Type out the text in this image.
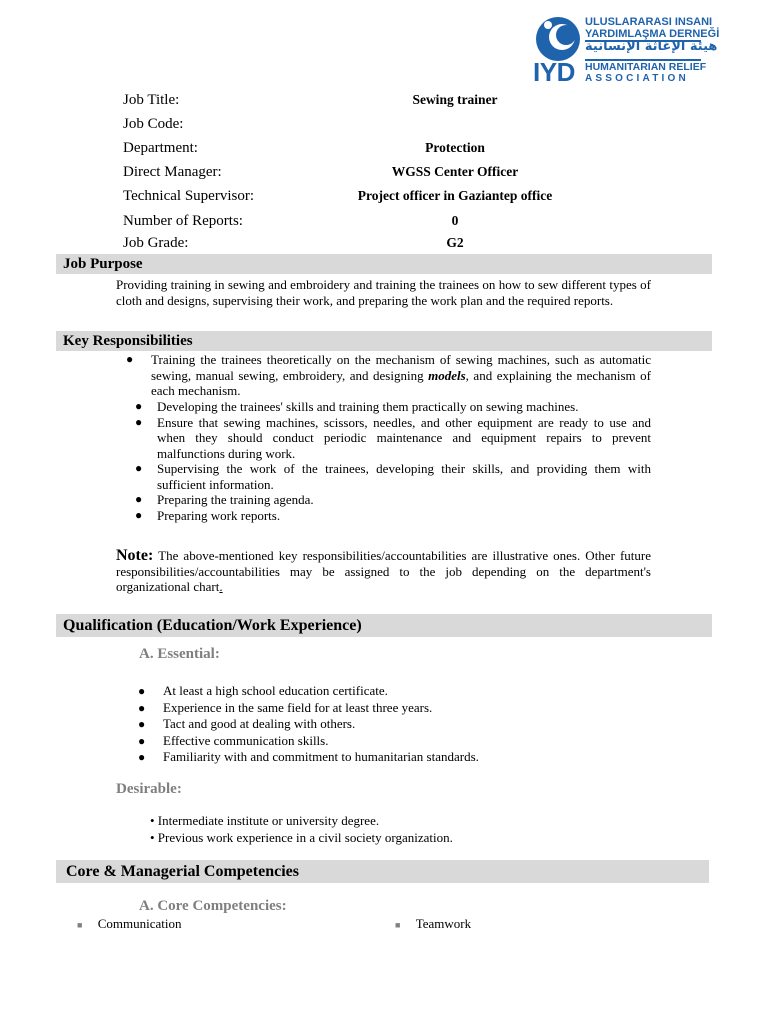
IYD
ULUSLARARASI INSANI
YARDIMLAŞMA DERNEĞİ
هيئة الإغاثة الإنسانية
HUMANITARIAN RELIEF
ASSOCIATION
Job Title:	Sewing trainer
Job Code:
Department:	Protection
Direct Manager:	WGSS Center Officer
Technical Supervisor:	Project officer in Gaziantep office
Number of Reports:	0
Job Grade:	G2
Job Purpose
Providing training in sewing and embroidery and training the trainees on how to sew different types of cloth and designs, supervising their work, and preparing the work plan and the required reports.
Key Responsibilities
● Training the trainees theoretically on the mechanism of sewing machines, such as automatic sewing, manual sewing, embroidery, and designing models, and explaining the mechanism of each mechanism.
● Developing the trainees' skills and training them practically on sewing machines.
● Ensure that sewing machines, scissors, needles, and other equipment are ready to use and when they should conduct periodic maintenance and equipment repairs to prevent malfunctions during work.
● Supervising the work of the trainees, developing their skills, and providing them with sufficient information.
● Preparing the training agenda.
● Preparing work reports.
Note: The above-mentioned key responsibilities/accountabilities are illustrative ones. Other future responsibilities/accountabilities may be assigned to the job depending on the department's organizational chart.
Qualification (Education/Work Experience)
A. Essential:
● At least a high school education certificate.
● Experience in the same field for at least three years.
● Tact and good at dealing with others.
● Effective communication skills.
● Familiarity with and commitment to humanitarian standards.
Desirable:
• Intermediate institute or university degree.
• Previous work experience in a civil society organization.
Core & Managerial Competencies
A. Core Competencies:
■ Communication	■ Teamwork
